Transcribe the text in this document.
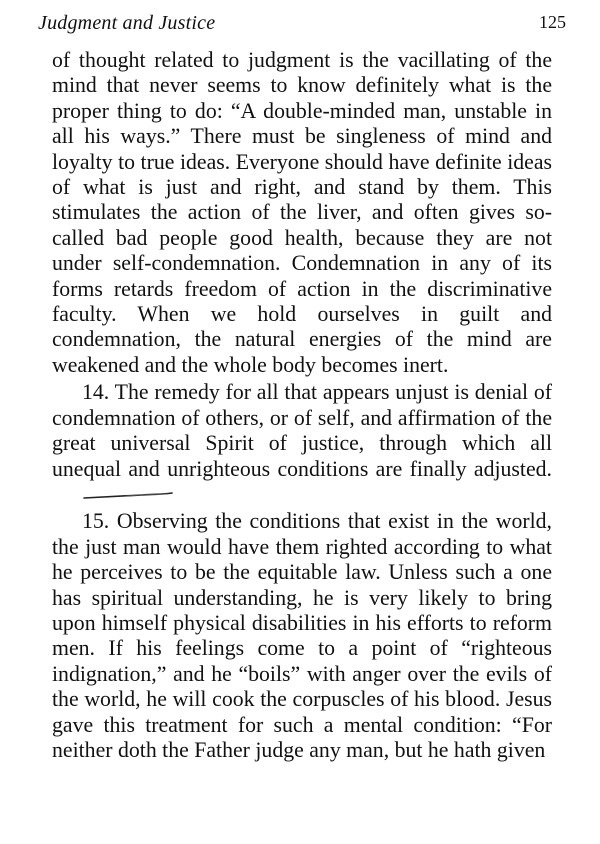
Judgment and Justice	125

of thought related to judgment is the vacillating of the mind that never seems to know definitely what is the proper thing to do: “A double-minded man, unstable in all his ways.” There must be singleness of mind and loyalty to true ideas. Everyone should have definite ideas of what is just and right, and stand by them. This stimulates the action of the liver, and often gives so-called bad people good health, because they are not under self-condemnation. Condemnation in any of its forms retards freedom of action in the discriminative faculty. When we hold ourselves in guilt and condemnation, the natural energies of the mind are weakened and the whole body becomes inert.

14. The remedy for all that appears unjust is denial of condemnation of others, or of self, and affirmation of the great universal Spirit of justice, through which all unequal and unrighteous conditions are finally adjusted.

15. Observing the conditions that exist in the world, the just man would have them righted according to what he perceives to be the equitable law. Unless such a one has spiritual understanding, he is very likely to bring upon himself physical disabilities in his efforts to reform men. If his feelings come to a point of “righteous indignation,” and he “boils” with anger over the evils of the world, he will cook the corpuscles of his blood. Jesus gave this treatment for such a mental condition: “For neither doth the Father judge any man, but he hath given
